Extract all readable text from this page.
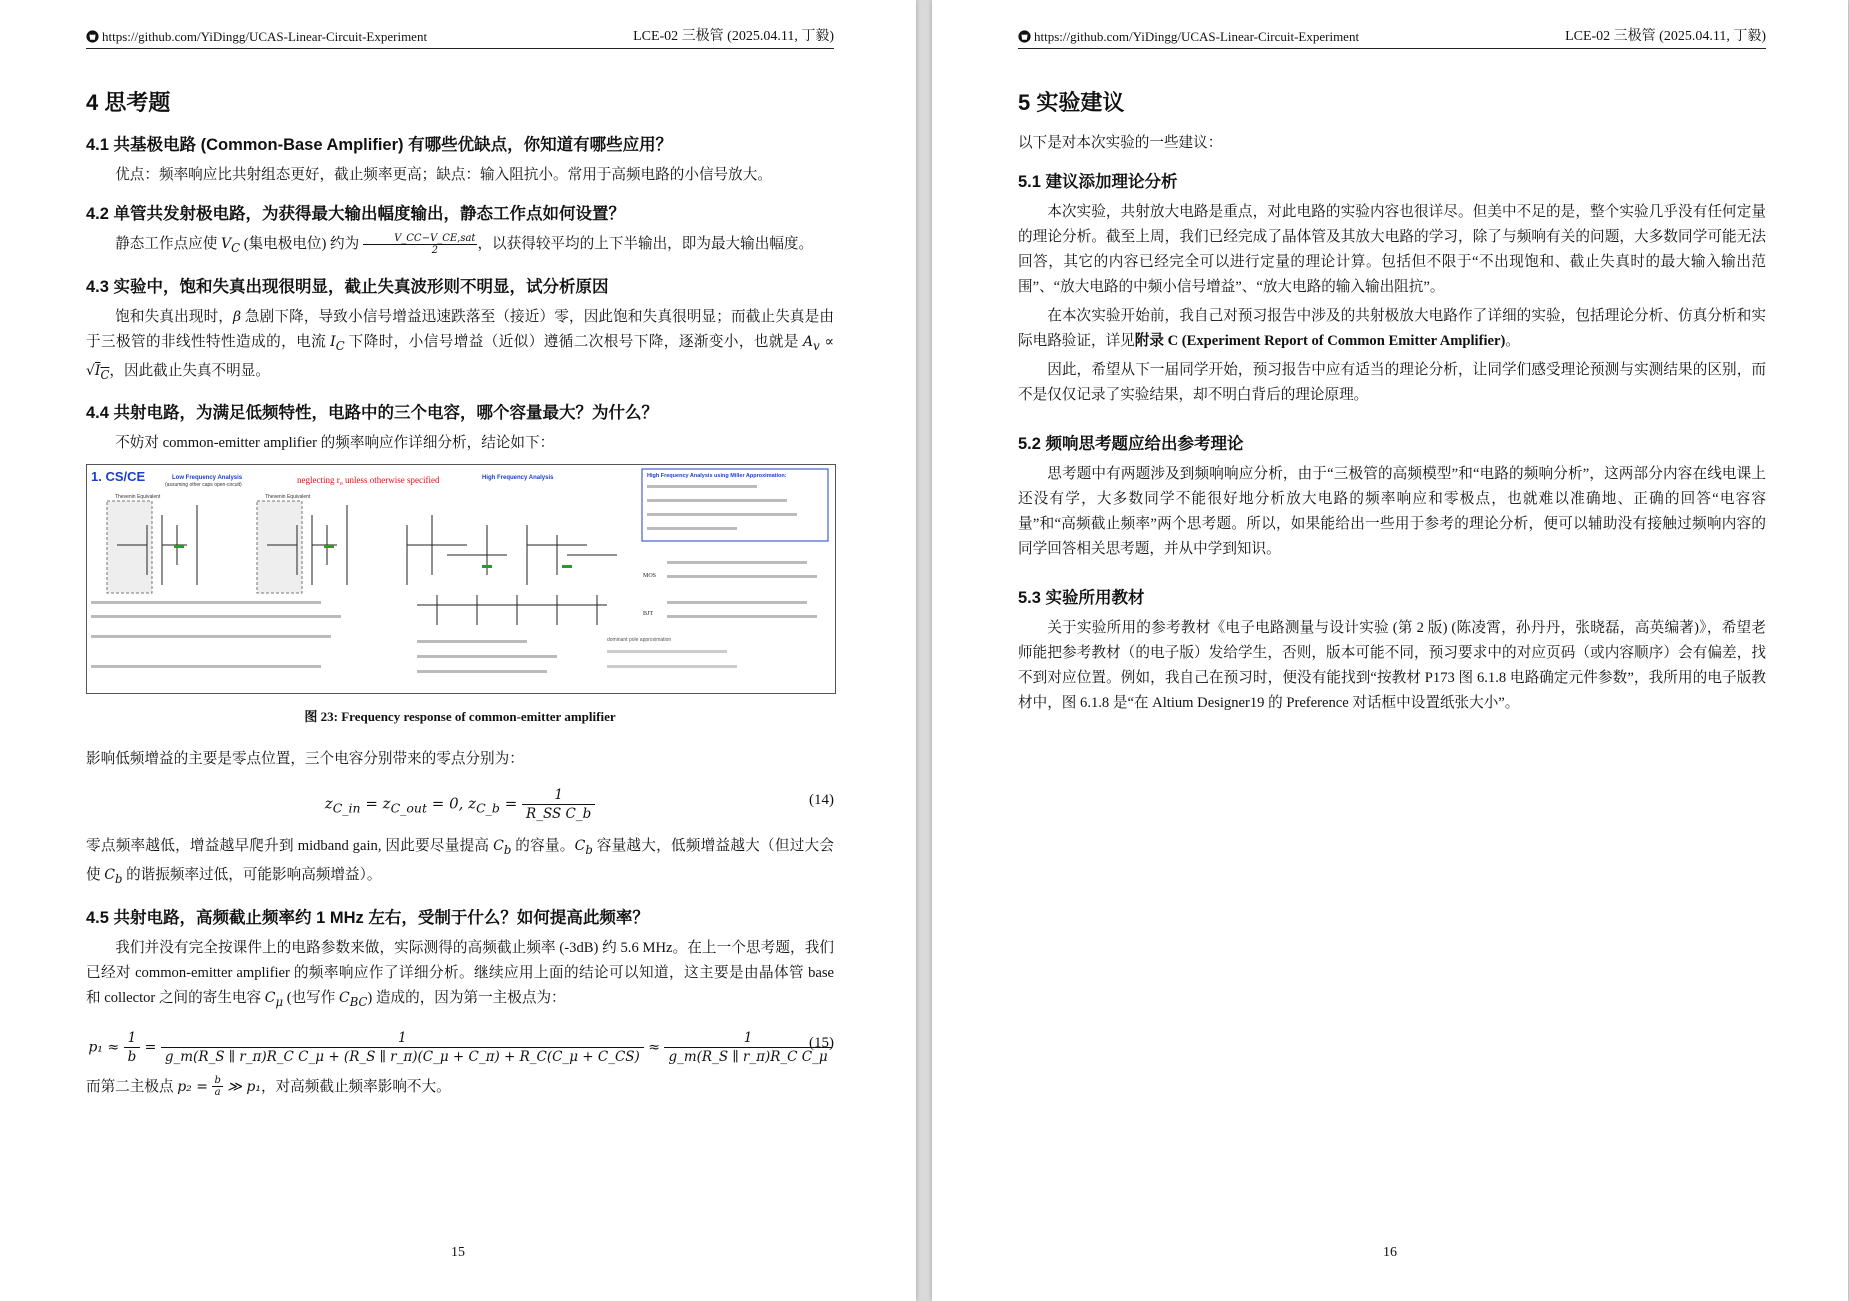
https://github.com/YiDingg/UCAS-Linear-Circuit-Experiment	LCE-02 三极管 (2025.04.11, 丁毅)
4 思考题
4.1 共基极电路 (Common-Base Amplifier) 有哪些优缺点，你知道有哪些应用？

优点：频率响应比共射组态更好，截止频率更高；缺点：输入阻抗小。常用于高频电路的小信号放大。

4.2 单管共发射极电路，为获得最大输出幅度输出，静态工作点如何设置？

静态工作点应使 $V_C$ (集电极电位) 约为 $\frac{\text{V\_CC−V\_CE,sat}}{2}$ ，以获得较平均的上下半输出，即为最大输出幅度。

4.3 实验中，饱和失真出现很明显，截止失真波形则不明显，试分析原因

饱和失真出现时，β 急剧下降，导致小信号增益迅速跌落至（接近）零，因此饱和失真很明显；而截止失真是由于三极管的非线性特性造成的，电流 $I_C$ 下降时，小信号增益（近似）遵循二次根号下降，逐渐变小，也就是 $A_v \propto √I_C$，因此截止失真不明显。

4.4 共射电路，为满足低频特性，电路中的三个电容，哪个容量最大？为什么？

不妨对 common-emitter amplifier 的频率响应作详细分析，结论如下：

1. CS/CE	Low Frequency Analysis
(assuming other caps open-circuit)	neglecting $r_o$ unless otherwise specified	High Frequency Analysis	High Frequency Analysis using Miller Approximation:
Thevenin Equivalent	Thevenin Equivalent
MOS
BJT
dominant pole approximation
图 23: Frequency response of common-emitter amplifier

影响低频增益的主要是零点位置，三个电容分别带来的零点分别为：

$z_{C\_in} = z_{C\_out} = 0$, $z_{C\_b} = \frac{1}{\text{R\_SS C\_b}}$	(14)

零点频率越低，增益越早爬升到 midband gain, 因此要尽量提高 $C_b$ 的容量。$C_b$ 容量越大，低频增益越大（但过大会使 $C_b$ 的谐振频率过低，可能影响高频增益）。

4.5 共射电路，高频截止频率约 1 MHz 左右，受制于什么？如何提高此频率？

我们并没有完全按课件上的电路参数来做，实际测得的高频截止频率 (-3dB) 约 5.6 MHz。在上一个思考题，我们已经对 common-emitter amplifier 的频率响应作了详细分析。继续应用上面的结论可以知道，这主要是由晶体管 base 和 collector 之间的寄生电容 $C_\mu$ (也写作 $C_{BC}$) 造成的，因为第一主极点为：

$p_1 \approx \frac{1}{b}$ =
1
g_m(R_S ∥ r_π)R_C C_μ + (R_S ∥ r_π)(C_μ + C_π) + R_C(C_μ + C_CS)
≈ $\frac{1}{\text{g\_m(R\_S ∥ r\_π)R\_C C\_μ}}$
(15)

而第二主极点 $p_2 = \frac{b}{a}$ ≫ p₁，对高频截止频率影响不大。

15
https://github.com/YiDingg/UCAS-Linear-Circuit-Experiment	LCE-02 三极管 (2025.04.11, 丁毅)
5 实验建议

以下是对本次实验的一些建议：

5.1 建议添加理论分析

本次实验，共射放大电路是重点，对此电路的实验内容也很详尽。但美中不足的是，整个实验几乎没有任何定量的理论分析。截至上周，我们已经完成了晶体管及其放大电路的学习，除了与频响有关的问题，大多数同学可能无法回答，其它的内容已经完全可以进行定量的理论计算。包括但不限于“不出现饱和、截止失真时的最大输入输出范围”、“放大电路的中频小信号增益”、“放大电路的输入输出阻抗”。

在本次实验开始前，我自己对预习报告中涉及的共射极放大电路作了详细的实验，包括理论分析、仿真分析和实际电路验证，详见附录 C (Experiment Report of Common Emitter Amplifier)。

因此，希望从下一届同学开始，预习报告中应有适当的理论分析，让同学们感受理论预测与实测结果的区别，而不是仅仅记录了实验结果，却不明白背后的理论原理。

5.2 频响思考题应给出参考理论

思考题中有两题涉及到频响响应分析，由于“三极管的高频模型”和“电路的频响分析”，这两部分内容在线电课上还没有学，大多数同学不能很好地分析放大电路的频率响应和零极点，也就难以准确地、正确的回答“电容容量”和“高频截止频率”两个思考题。所以，如果能给出一些用于参考的理论分析，便可以辅助没有接触过频响内容的同学回答相关思考题，并从中学到知识。

5.3 实验所用教材

关于实验所用的参考教材《电子电路测量与设计实验 (第 2 版) (陈凌霄，孙丹丹，张晓磊，高英编著)》，希望老师能把参考教材（的电子版）发给学生，否则，版本可能不同，预习要求中的对应页码（或内容顺序）会有偏差，找不到对应位置。例如，我自己在预习时，便没有能找到“按教材 P173 图 6.1.8 电路确定元件参数”，我所用的电子版教材中，图 6.1.8 是“在 Altium Designer19 的 Preference 对话框中设置纸张大小”。

16
